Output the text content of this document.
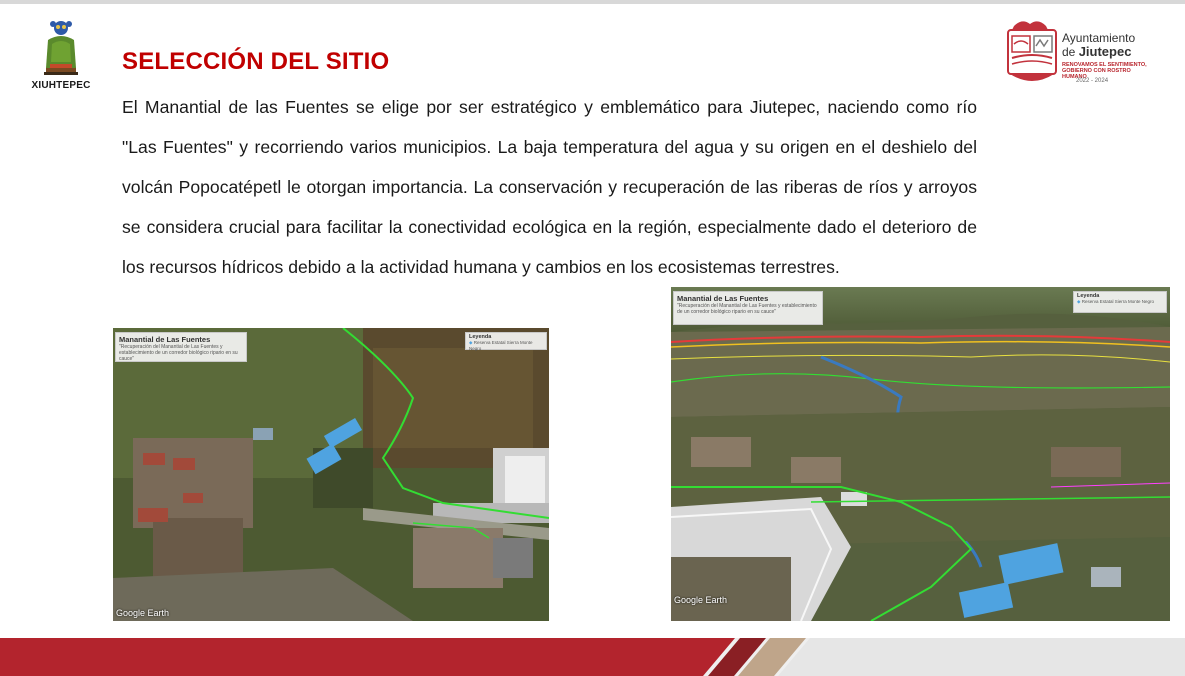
XIUHTEPEC
Ayuntamiento
de Jiutepec
RENOVAMOS EL SENTIMIENTO, GOBIERNO CON ROSTRO HUMANO
2022 - 2024
SELECCIÓN DEL SITIO
El Manantial de las Fuentes se elige por ser estratégico y emblemático para Jiutepec, naciendo como río "Las Fuentes" y recorriendo varios municipios. La baja temperatura del agua y su origen en el deshielo del volcán Popocatépetl le otorgan importancia. La conservación y recuperación de las riberas de ríos y arroyos se considera crucial para facilitar la conectividad ecológica en la región, especialmente dado el deterioro de los recursos hídricos debido a la actividad humana y cambios en los ecosistemas terrestres.
Manantial de Las Fuentes
"Recuperación del Manantial de Las Fuentes y establecimiento de un corredor biológico ripario en su cauce"
Leyenda
◆ Reserva Estatal Sierra Monte Negro
Google Earth
Manantial de Las Fuentes
"Recuperación del Manantial de Las Fuentes y establecimiento de un corredor biológico ripario en su cauce"
Leyenda
◆ Reserva Estatal Sierra Monte Negro
Google Earth
